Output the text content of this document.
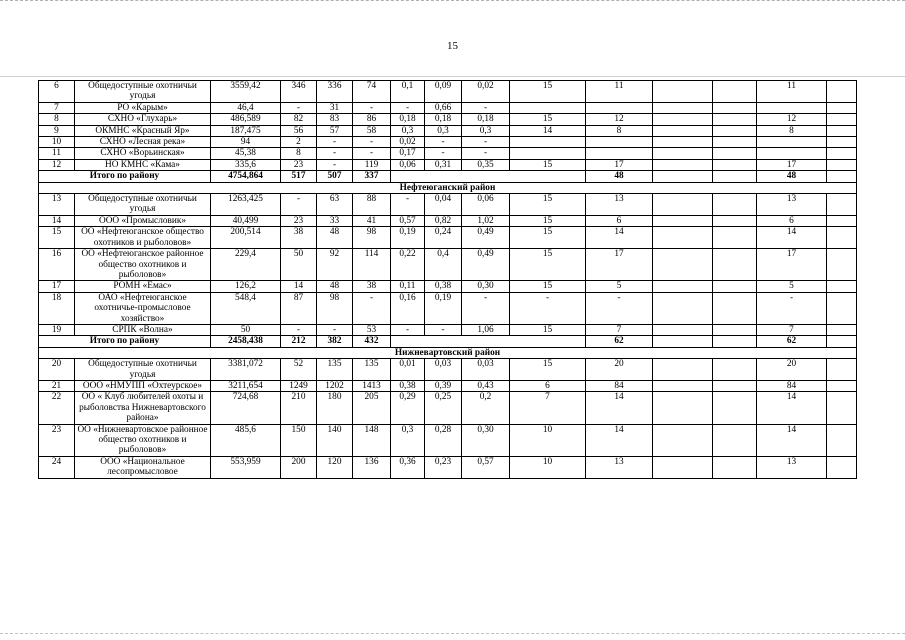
15
6	Общедоступные охотничьи угодья	3559,42	346	336	74	0,1	0,09	0,02	15	11			11	
7	РО «Карым»	46,4	-	31	-	-	0,66	-						
8	СХНО «Глухарь»	486,589	82	83	86	0,18	0,18	0,18	15	12			12	
9	ОКМНС «Красный Яр»	187,475	56	57	58	0,3	0,3	0,3	14	8			8	
10	СХНО «Лесная река»	94	2	-	-	0,02	-	-						
11	СХНО «Ворьинская»	45,38	8	-	-	0,17	-	-						
12	НО КМНС «Кама»	335,6	23	-	119	0,06	0,31	0,35	15	17			17	
Итого по району		4754,864	517	507	337					48			48	
Нефтеюганский район														
13	Общедоступные охотничьи угодья	1263,425	-	63	88	-	0,04	0,06	15	13			13	
14	ООО «Промысловик»	40,499	23	33	41	0,57	0,82	1,02	15	6			6	
15	ОО «Нефтеюганское общество охотников и рыболовов»	200,514	38	48	98	0,19	0,24	0,49	15	14			14	
16	ОО «Нефтеюганское районное общество охотников и рыболовов»	229,4	50	92	114	0,22	0,4	0,49	15	17			17	
17	РОМН «Емас»	126,2	14	48	38	0,11	0,38	0,30	15	5			5	
18	ОАО «Нефтеюганское охотничье-промысловое хозяйство»	548,4	87	98	-	0,16	0,19	-	-	-			-	
19	СРПК «Волна»	50	-	-	53	-	-	1,06	15	7			7	
Итого по району		2458,438	212	382	432					62			62	
Нижневартовский район														
20	Общедоступные охотничьи угодья	3381,072	52	135	135	0,01	0,03	0,03	15	20			20	
21	ООО «НМУПП «Охтеурское»	3211,654	1249	1202	1413	0,38	0,39	0,43	6	84			84	
22	ОО « Клуб любителей охоты и рыболовства Нижневартовского района»	724,68	210	180	205	0,29	0,25	0,2	7	14			14	
23	ОО «Нижневартовское районное общество охотников и рыболовов»	485,6	150	140	148	0,3	0,28	0,30	10	14			14	
24	ООО «Национальное лесопромысловое	553,959	200	120	136	0,36	0,23	0,57	10	13			13	
